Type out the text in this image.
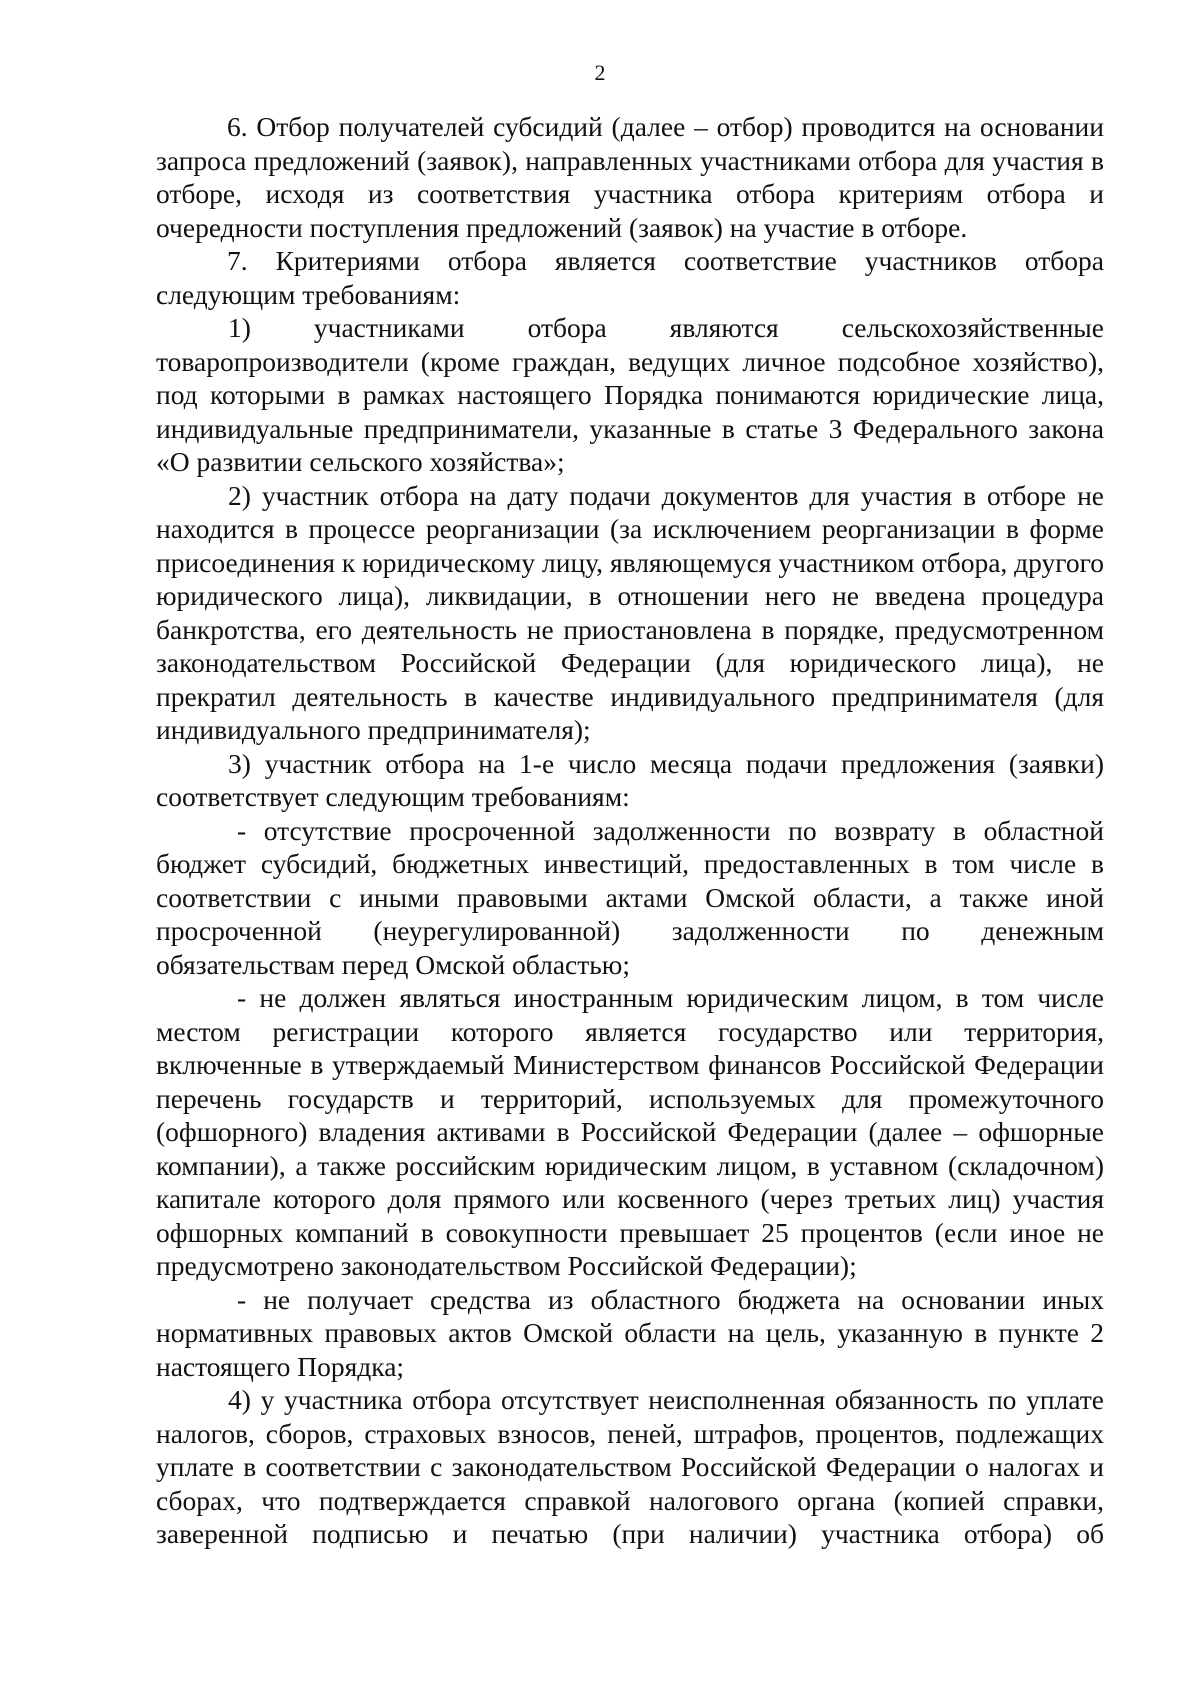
2

6. Отбор получателей субсидий (далее – отбор) проводится на основании запроса предложений (заявок), направленных участниками отбора для участия в отборе, исходя из соответствия участника отбора критериям отбора и очередности поступления предложений (заявок) на участие в отборе.

7. Критериями отбора является соответствие участников отбора следующим требованиям:

1) участниками отбора являются сельскохозяйственные товаропроизводители (кроме граждан, ведущих личное подсобное хозяйство), под которыми в рамках настоящего Порядка понимаются юридические лица, индивидуальные предприниматели, указанные в статье 3 Федерального закона «О развитии сельского хозяйства»;

2) участник отбора на дату подачи документов для участия в отборе не находится в процессе реорганизации (за исключением реорганизации в форме присоединения к юридическому лицу, являющемуся участником отбора, другого юридического лица), ликвидации, в отношении него не введена процедура банкротства, его деятельность не приостановлена в порядке, предусмотренном законодательством Российской Федерации (для юридического лица), не прекратил деятельность в качестве индивидуального предпринимателя (для индивидуального предпринимателя);

3) участник отбора на 1-е число месяца подачи предложения (заявки) соответствует следующим требованиям:

- отсутствие просроченной задолженности по возврату в областной бюджет субсидий, бюджетных инвестиций, предоставленных в том числе в соответствии с иными правовыми актами Омской области, а также иной просроченной (неурегулированной) задолженности по денежным обязательствам перед Омской областью;

- не должен являться иностранным юридическим лицом, в том числе местом регистрации которого является государство или территория, включенные в утверждаемый Министерством финансов Российской Федерации перечень государств и территорий, используемых для промежуточного (офшорного) владения активами в Российской Федерации (далее – офшорные компании), а также российским юридическим лицом, в уставном (складочном) капитале которого доля прямого или косвенного (через третьих лиц) участия офшорных компаний в совокупности превышает 25 процентов (если иное не предусмотрено законодательством Российской Федерации);

- не получает средства из областного бюджета на основании иных нормативных правовых актов Омской области на цель, указанную в пункте 2 настоящего Порядка;

4) у участника отбора отсутствует неисполненная обязанность по уплате налогов, сборов, страховых взносов, пеней, штрафов, процентов, подлежащих уплате в соответствии с законодательством Российской Федерации о налогах и сборах, что подтверждается справкой налогового органа (копией справки, заверенной подписью и печатью (при наличии) участника отбора) об
